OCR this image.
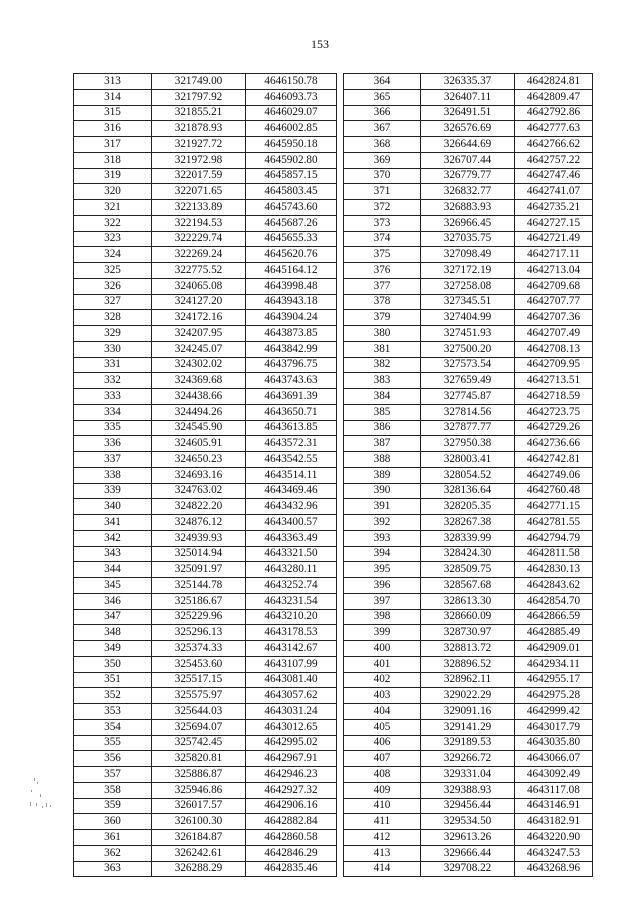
153
313	321749.00	4646150.78
314	321797.92	4646093.73
315	321855.21	4646029.07
316	321878.93	4646002.85
317	321927.72	4645950.18
318	321972.98	4645902.80
319	322017.59	4645857.15
320	322071.65	4645803.45
321	322133.89	4645743.60
322	322194.53	4645687.26
323	322229.74	4645655.33
324	322269.24	4645620.76
325	322775.52	4645164.12
326	324065.08	4643998.48
327	324127.20	4643943.18
328	324172.16	4643904.24
329	324207.95	4643873.85
330	324245.07	4643842.99
331	324302.02	4643796.75
332	324369.68	4643743.63
333	324438.66	4643691.39
334	324494.26	4643650.71
335	324545.90	4643613.85
336	324605.91	4643572.31
337	324650.23	4643542.55
338	324693.16	4643514.11
339	324763.02	4643469.46
340	324822.20	4643432.96
341	324876.12	4643400.57
342	324939.93	4643363.49
343	325014.94	4643321.50
344	325091.97	4643280.11
345	325144.78	4643252.74
346	325186.67	4643231.54
347	325229.96	4643210.20
348	325296.13	4643178.53
349	325374.33	4643142.67
350	325453.60	4643107.99
351	325517.15	4643081.40
352	325575.97	4643057.62
353	325644.03	4643031.24
354	325694.07	4643012.65
355	325742.45	4642995.02
356	325820.81	4642967.91
357	325886.87	4642946.23
358	325946.86	4642927.32
359	326017.57	4642906.16
360	326100.30	4642882.84
361	326184.87	4642860.58
362	326242.61	4642846.29
363	326288.29	4642835.46
364	326335.37	4642824.81
365	326407.11	4642809.47
366	326491.51	4642792.86
367	326576.69	4642777.63
368	326644.69	4642766.62
369	326707.44	4642757.22
370	326779.77	4642747.46
371	326832.77	4642741.07
372	326883.93	4642735.21
373	326966.45	4642727.15
374	327035.75	4642721.49
375	327098.49	4642717.11
376	327172.19	4642713.04
377	327258.08	4642709.68
378	327345.51	4642707.77
379	327404.99	4642707.36
380	327451.93	4642707.49
381	327500.20	4642708.13
382	327573.54	4642709.95
383	327659.49	4642713.51
384	327745.87	4642718.59
385	327814.56	4642723.75
386	327877.77	4642729.26
387	327950.38	4642736.66
388	328003.41	4642742.81
389	328054.52	4642749.06
390	328136.64	4642760.48
391	328205.35	4642771.15
392	328267.38	4642781.55
393	328339.99	4642794.79
394	328424.30	4642811.58
395	328509.75	4642830.13
396	328567.68	4642843.62
397	328613.30	4642854.70
398	328660.09	4642866.59
399	328730.97	4642885.49
400	328813.72	4642909.01
401	328896.52	4642934.11
402	328962.11	4642955.17
403	329022.29	4642975.28
404	329091.16	4642999.42
405	329141.29	4643017.79
406	329189.53	4643035.80
407	329266.72	4643066.07
408	329331.04	4643092.49
409	329388.93	4643117.08
410	329456.44	4643146.91
411	329534.50	4643182.91
412	329613.26	4643220.90
413	329666.44	4643247.53
414	329708.22	4643268.96
